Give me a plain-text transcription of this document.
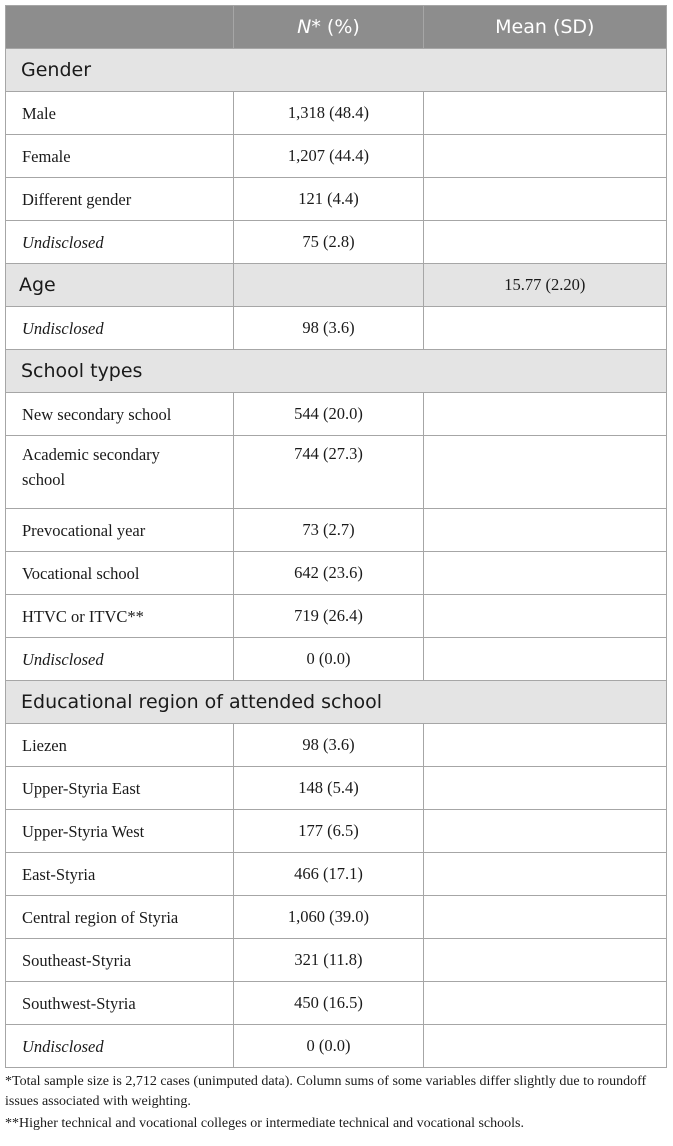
	N* (%)	Mean (SD)
Gender		
Male	1,318 (48.4)	
Female	1,207 (44.4)	
Different gender	121 (4.4)	
Undisclosed	75 (2.8)	
Age		15.77 (2.20)
Undisclosed	98 (3.6)	
School types		
New secondary school	544 (20.0)	
Academic secondary school	744 (27.3)	
Prevocational year	73 (2.7)	
Vocational school	642 (23.6)	
HTVC or ITVC**	719 (26.4)	
Undisclosed	0 (0.0)	
Educational region of attended school		
Liezen	98 (3.6)	
Upper-Styria East	148 (5.4)	
Upper-Styria West	177 (6.5)	
East-Styria	466 (17.1)	
Central region of Styria	1,060 (39.0)	
Southeast-Styria	321 (11.8)	
Southwest-Styria	450 (16.5)	
Undisclosed	0 (0.0)	
*Total sample size is 2,712 cases (unimputed data). Column sums of some variables differ slightly due to roundoff issues associated with weighting.
**Higher technical and vocational colleges or intermediate technical and vocational schools.
